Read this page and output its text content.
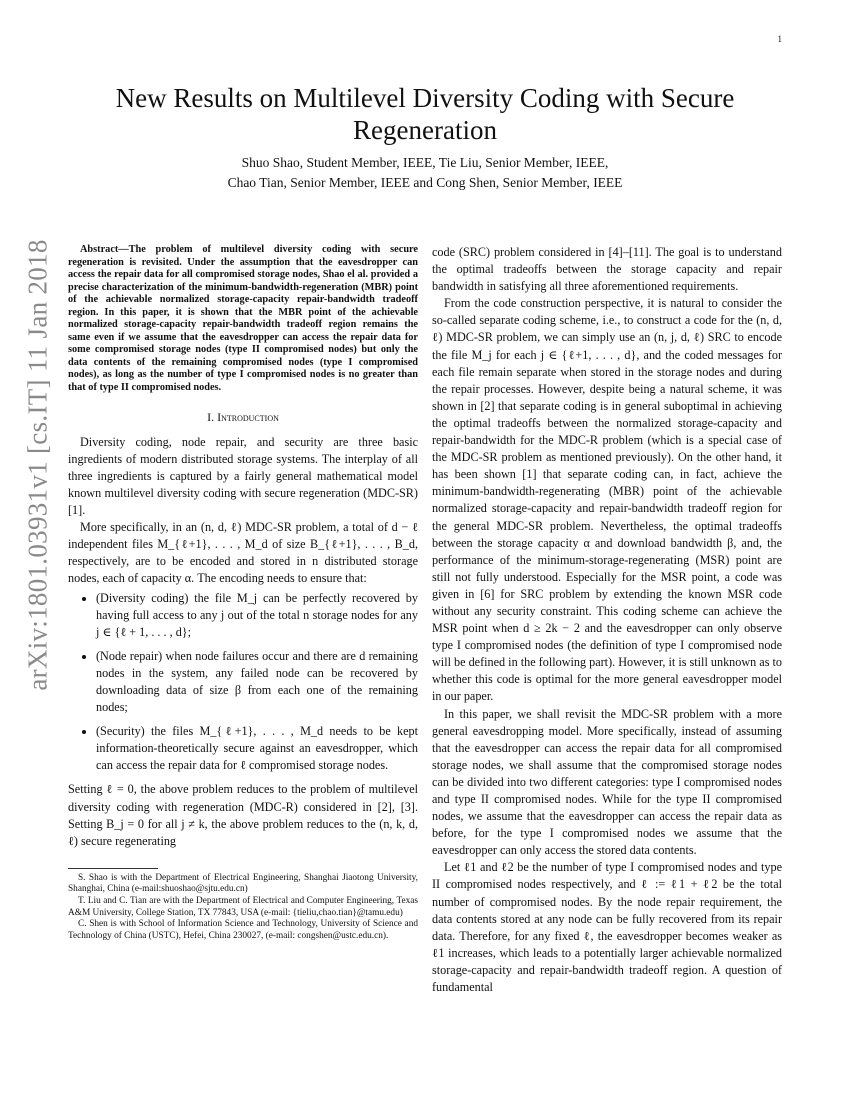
1
arXiv:1801.03931v1 [cs.IT] 11 Jan 2018
New Results on Multilevel Diversity Coding with Secure Regeneration
Shuo Shao, Student Member, IEEE, Tie Liu, Senior Member, IEEE,
Chao Tian, Senior Member, IEEE and Cong Shen, Senior Member, IEEE

Abstract—The problem of multilevel diversity coding with secure regeneration is revisited. Under the assumption that the eavesdropper can access the repair data for all compromised storage nodes, Shao el al. provided a precise characterization of the minimum-bandwidth-regeneration (MBR) point of the achievable normalized storage-capacity repair-bandwidth tradeoff region. In this paper, it is shown that the MBR point of the achievable normalized storage-capacity repair-bandwidth tradeoff region remains the same even if we assume that the eavesdropper can access the repair data for some compromised storage nodes (type II compromised nodes) but only the data contents of the remaining compromised nodes (type I compromised nodes), as long as the number of type I compromised nodes is no greater than that of type II compromised nodes.

I. Introduction

Diversity coding, node repair, and security are three basic ingredients of modern distributed storage systems. The interplay of all three ingredients is captured by a fairly general mathematical model known multilevel diversity coding with secure regeneration (MDC-SR) [1].

More specifically, in an (n, d, ℓ) MDC-SR problem, a total of d − ℓ independent files M_{ℓ+1}, . . . , M_d of size B_{ℓ+1}, . . . , B_d, respectively, are to be encoded and stored in n distributed storage nodes, each of capacity α. The encoding needs to ensure that:

• (Diversity coding) the file M_j can be perfectly recovered by having full access to any j out of the total n storage nodes for any j ∈ {ℓ + 1, . . . , d};
• (Node repair) when node failures occur and there are d remaining nodes in the system, any failed node can be recovered by downloading data of size β from each one of the remaining nodes;
• (Security) the files M_{ℓ+1}, . . . , M_d needs to be kept information-theoretically secure against an eavesdropper, which can access the repair data for ℓ compromised storage nodes.

Setting ℓ = 0, the above problem reduces to the problem of multilevel diversity coding with regeneration (MDC-R) considered in [2], [3]. Setting B_j = 0 for all j ≠ k, the above problem reduces to the (n, k, d, ℓ) secure regenerating

S. Shao is with the Department of Electrical Engineering, Shanghai Jiaotong University, Shanghai, China (e-mail:shuoshao@sjtu.edu.cn)

T. Liu and C. Tian are with the Department of Electrical and Computer Engineering, Texas A&M University, College Station, TX 77843, USA (e-mail: {tieliu,chao.tian}@tamu.edu)

C. Shen is with School of Information Science and Technology, University of Science and Technology of China (USTC), Hefei, China 230027, (e-mail: congshen@ustc.edu.cn).

code (SRC) problem considered in [4]–[11]. The goal is to understand the optimal tradeoffs between the storage capacity and repair bandwidth in satisfying all three aforementioned requirements.

From the code construction perspective, it is natural to consider the so-called separate coding scheme, i.e., to construct a code for the (n, d, ℓ) MDC-SR problem, we can simply use an (n, j, d, ℓ) SRC to encode the file M_j for each j ∈ {ℓ+1, . . . , d}, and the coded messages for each file remain separate when stored in the storage nodes and during the repair processes. However, despite being a natural scheme, it was shown in [2] that separate coding is in general suboptimal in achieving the optimal tradeoffs between the normalized storage-capacity and repair-bandwidth for the MDC-R problem (which is a special case of the MDC-SR problem as mentioned previously). On the other hand, it has been shown [1] that separate coding can, in fact, achieve the minimum-bandwidth-regenerating (MBR) point of the achievable normalized storage-capacity and repair-bandwidth tradeoff region for the general MDC-SR problem. Nevertheless, the optimal tradeoffs between the storage capacity α and download bandwidth β, and, the performance of the minimum-storage-regenerating (MSR) point are still not fully understood. Especially for the MSR point, a code was given in [6] for SRC problem by extending the known MSR code without any security constraint. This coding scheme can achieve the MSR point when d ≥ 2k − 2 and the eavesdropper can only observe type I compromised nodes (the definition of type I compromised node will be defined in the following part). However, it is still unknown as to whether this code is optimal for the more general eavesdropper model in our paper.

In this paper, we shall revisit the MDC-SR problem with a more general eavesdropping model. More specifically, instead of assuming that the eavesdropper can access the repair data for all compromised storage nodes, we shall assume that the compromised storage nodes can be divided into two different categories: type I compromised nodes and type II compromised nodes. While for the type II compromised nodes, we assume that the eavesdropper can access the repair data as before, for the type I compromised nodes we assume that the eavesdropper can only access the stored data contents.

Let ℓ1 and ℓ2 be the number of type I compromised nodes and type II compromised nodes respectively, and ℓ := ℓ1 + ℓ2 be the total number of compromised nodes. By the node repair requirement, the data contents stored at any node can be fully recovered from its repair data. Therefore, for any fixed ℓ, the eavesdropper becomes weaker as ℓ1 increases, which leads to a potentially larger achievable normalized storage-capacity and repair-bandwidth tradeoff region. A question of fundamental
